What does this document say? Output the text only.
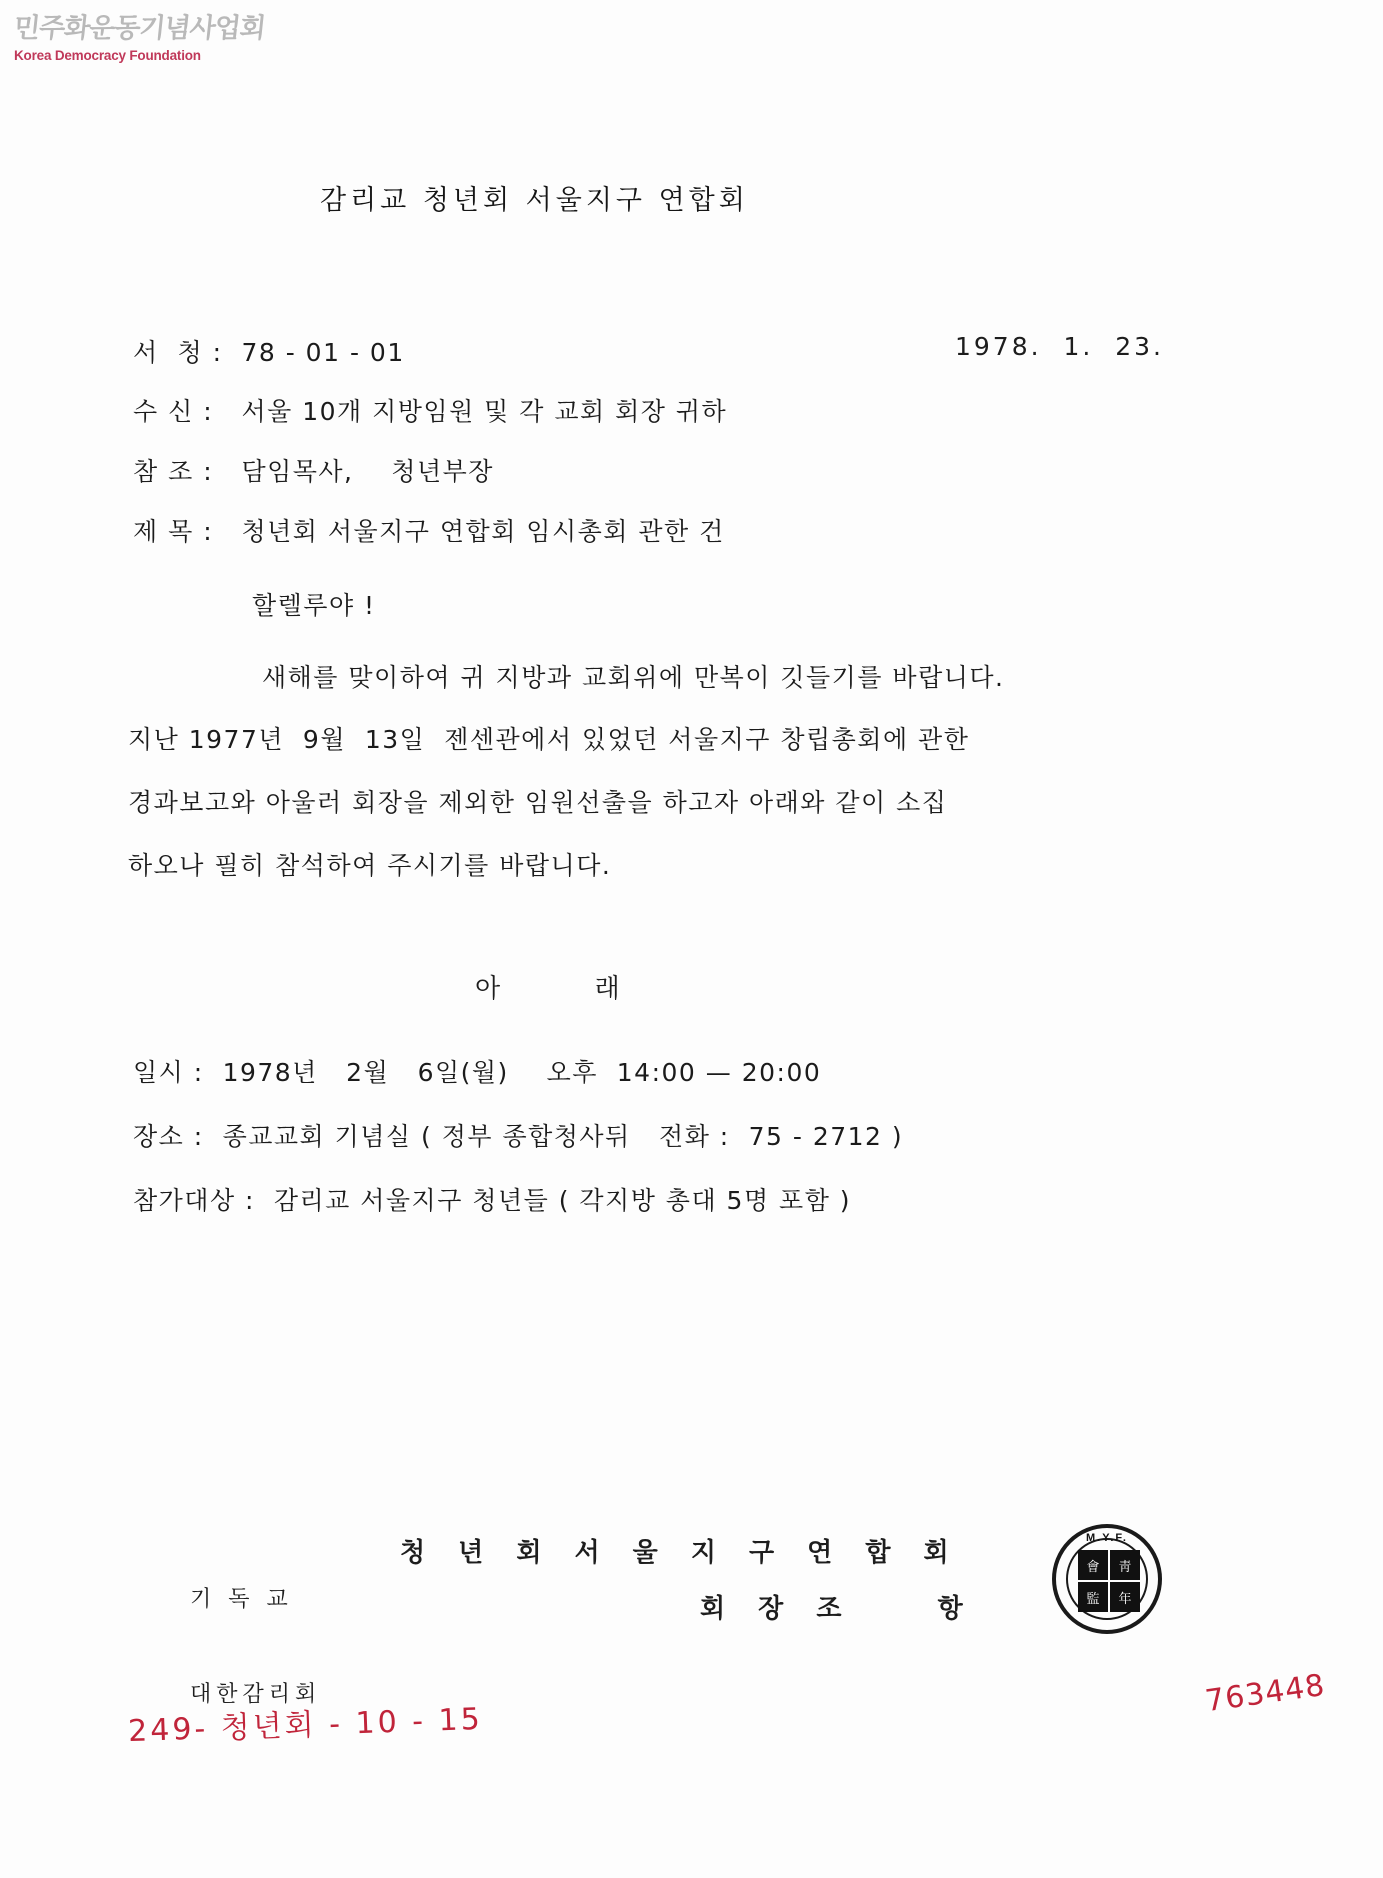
민주화운동기념사업회
Korea Democracy Foundation
감리교 청년회 서울지구 연합회
서  청 :  78 - 01 - 01	1978.  1.  23.
수 신 :   서울 10개 지방임원 및 각 교회 회장 귀하
참 조 :   담임목사,    청년부장
제 목 :   청년회 서울지구 연합회 임시총회 관한 건
할렐루야 !
새해를 맞이하여 귀 지방과 교회위에 만복이 깃들기를 바랍니다.
지난 1977년  9월  13일  젠센관에서 있었던 서울지구 창립총회에 관한
경과보고와 아울러 회장을 제외한 임원선출을 하고자 아래와 같이 소집
하오나 필히 참석하여 주시기를 바랍니다.
아  래
일시 :  1978년   2월   6일(월)    오후  14:00 — 20:00
장소 :  종교교회 기념실 ( 정부 종합청사뒤   전화 :  75 - 2712 )
참가대상 :  감리교 서울지구 청년들 ( 각지방 총대 5명 포함 )

기 독 교

대한감리회

청 년 회 서 울 지 구 연 합 회
회 장 조    항
M.Y.F.
會	靑
監	年
249- 청년회 - 10 - 15
763448
